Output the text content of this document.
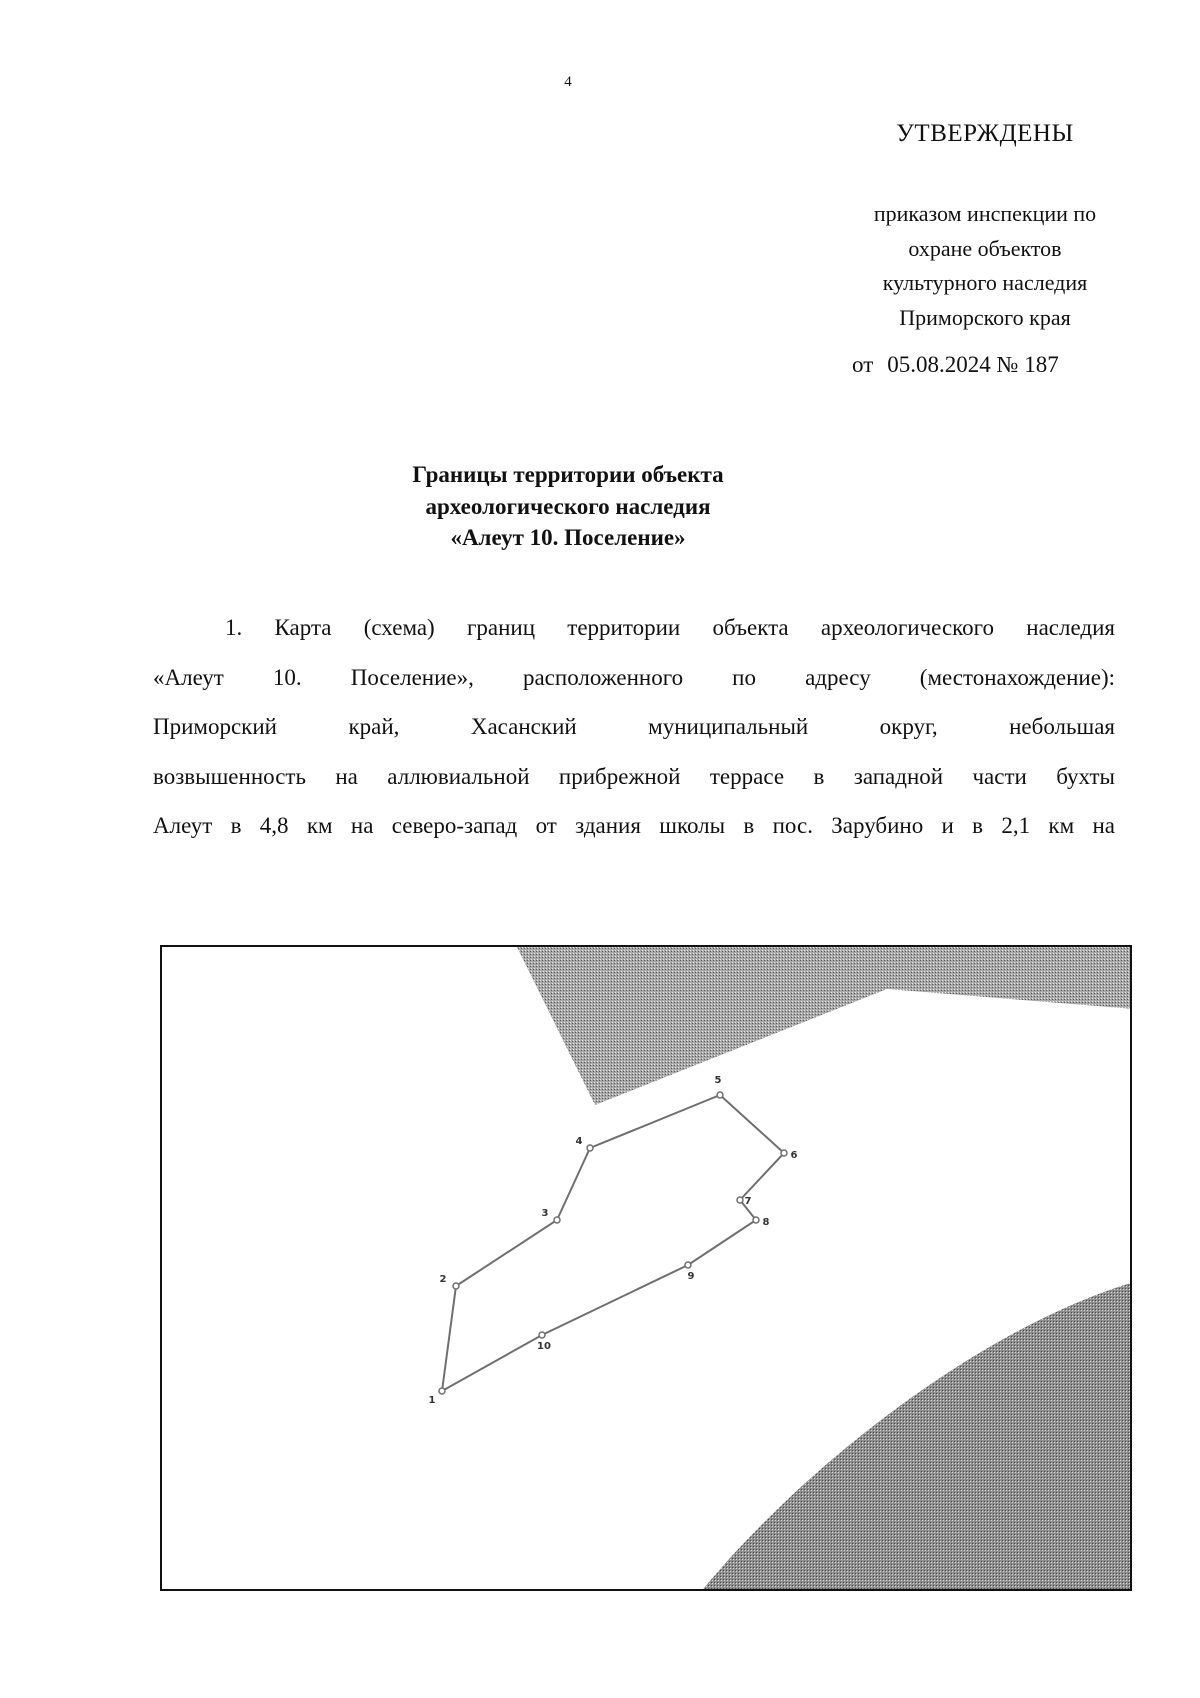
4
УТВЕРЖДЕНЫ
приказом инспекции по
охране объектов
культурного наследия
Приморского края
от 05.08.2024 № 187
Границы территории объекта
археологического наследия
«Алеут 10. Поселение»
1. Карта (схема) границ территории объекта археологического наследия
«Алеут 10. Поселение», расположенного по адресу (местонахождение):
Приморский край, Хасанский муниципальный округ, небольшая
возвышенность на аллювиальной прибрежной террасе в западной части бухты
Алеут в 4,8 км на северо-запад от здания школы в пос. Зарубино и в 2,1 км на
1
2
3
4
5
6
7
8
9
10
